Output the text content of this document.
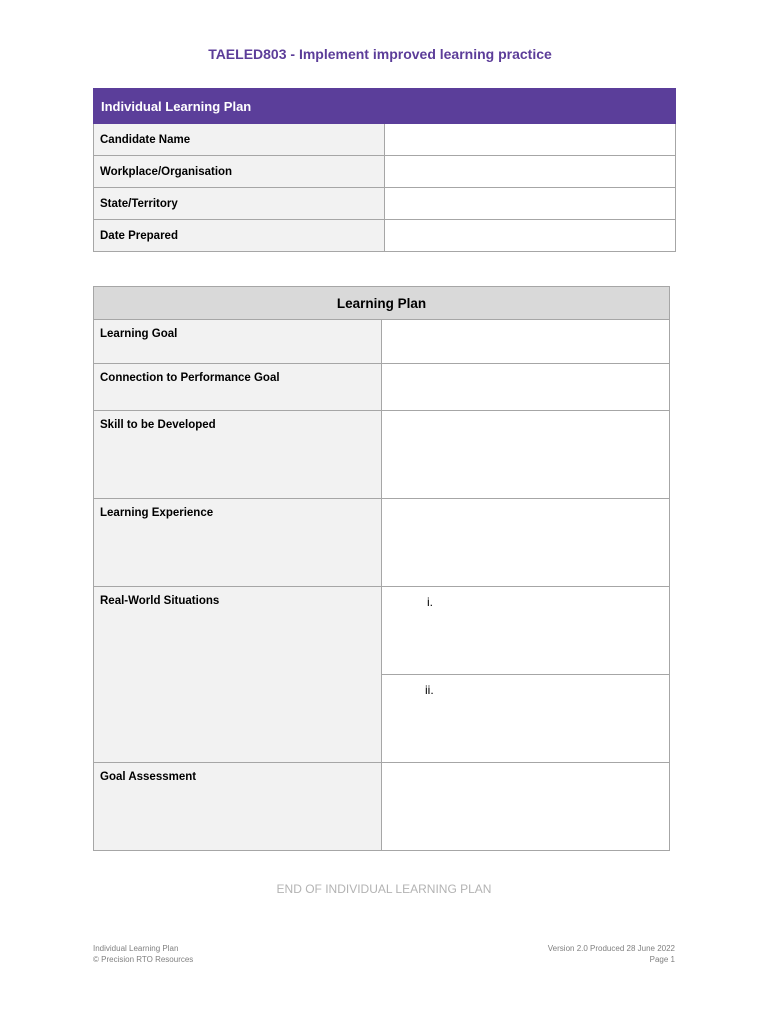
TAELED803 - Implement improved learning practice
Individual Learning Plan	
Candidate Name	
Workplace/Organisation	
State/Territory	
Date Prepared	
Learning Plan	
Learning Goal	
Connection to Performance Goal	
Skill to be Developed	
Learning Experience	
Real-World Situations	i.

	ii.

Goal Assessment	
END OF INDIVIDUAL LEARNING PLAN
Individual Learning Plan
© Precision RTO Resources
Version 2.0 Produced 28 June 2022
Page 1
